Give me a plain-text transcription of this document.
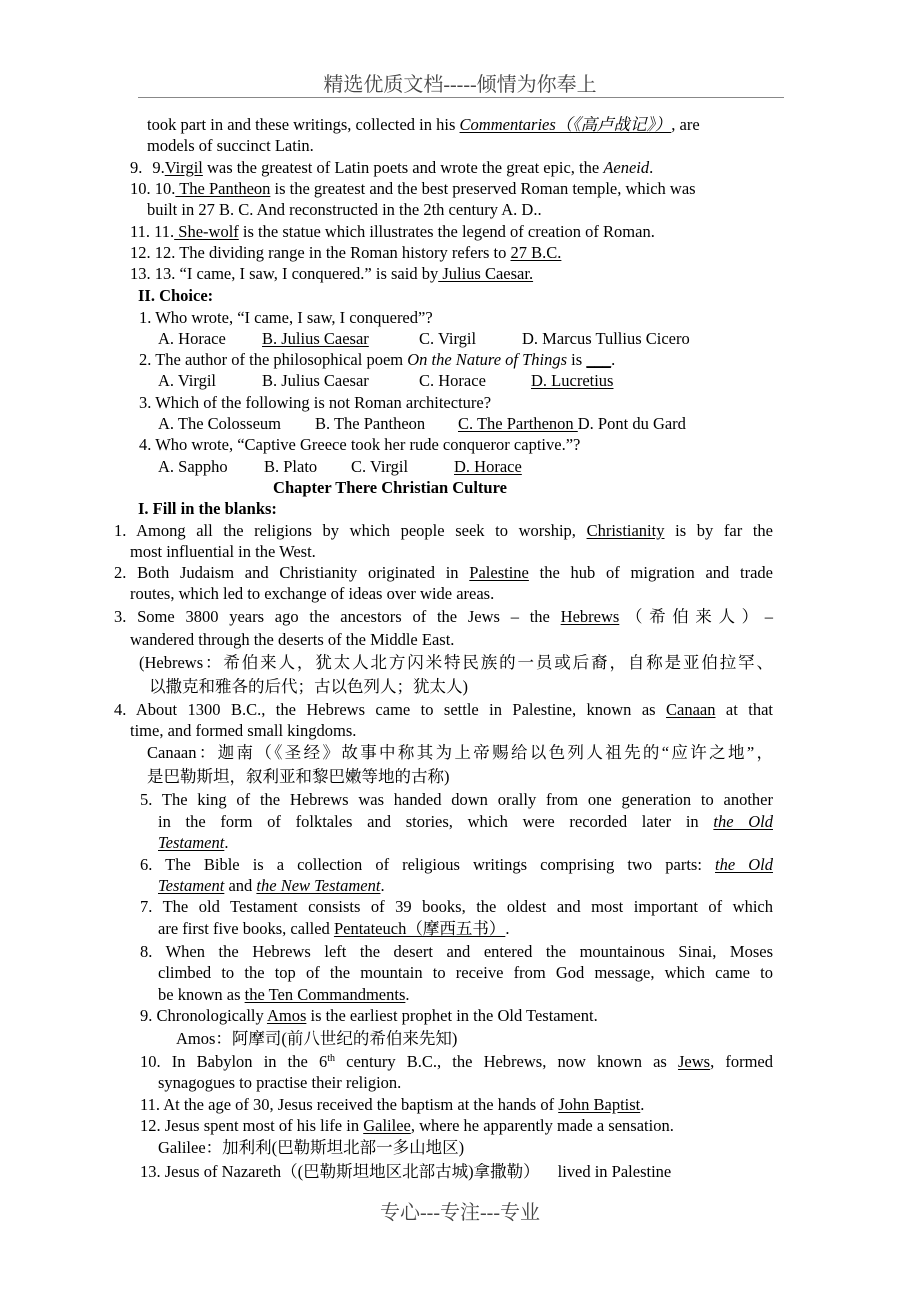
精选优质文档-----倾情为你奉上
took part in and these writings, collected in his Commentaries（《高卢战记》）, are
models of succinct Latin.
9. 9.Virgil was the greatest of Latin poets and wrote the great epic, the Aeneid.
10. 10. The Pantheon is the greatest and the best preserved Roman temple, which was
built in 27 B. C. And reconstructed in the 2th century A. D..
11. 11. She-wolf is the statue which illustrates the legend of creation of Roman.
12. 12. The dividing range in the Roman history refers to 27 B.C.
13. 13. “I came, I saw, I conquered.” is said by Julius Caesar.
II. Choice:
1. Who wrote, “I came, I saw, I conquered”?
A. Horace B. Julius Caesar	C. Virgil	D. Marcus Tullius Cicero
2. The author of the philosophical poem On the Nature of Things is ___.
A. Virgil	B. Julius Caesar	C. Horace	D. Lucretius
3. Which of the following is not Roman architecture?
A. The Colosseum B. The Pantheon C. The Parthenon D. Pont du Gard
4. Who wrote, “Captive Greece took her rude conqueror captive.”?
A. Sappho B. Plato C. Virgil	D. Horace
Chapter There Christian Culture
I. Fill in the blanks:
1. Among all the religions by which people seek to worship, Christianity is by far the
most influential in the West.
2. Both Judaism and Christianity originated in Palestine the hub of migration and trade
routes, which led to exchange of ideas over wide areas.
3. Some 3800 years ago the ancestors of the Jews – the Hebrews（希伯来人）–
wandered through the deserts of the Middle East.
(Hebrews：希伯来人，犹太人北方闪米特民族的一员或后裔，自称是亚伯拉罕、
以撒克和雅各的后代；古以色列人；犹太人)
4. About 1300 B.C., the Hebrews came to settle in Palestine, known as Canaan at that
time, and formed small kingdoms.
Canaan：迦南（《圣经》故事中称其为上帝赐给以色列人祖先的“应许之地”，
是巴勒斯坦，叙利亚和黎巴嫩等地的古称)
5. The king of the Hebrews was handed down orally from one generation to another
in the form of folktales and stories, which were recorded later in the Old
Testament.
6. The Bible is a collection of religious writings comprising two parts: the Old
Testament and the New Testament.
7. The old Testament consists of 39 books, the oldest and most important of which
are first five books, called Pentateuch（摩西五书）.
8. When the Hebrews left the desert and entered the mountainous Sinai, Moses
climbed to the top of the mountain to receive from God message, which came to
be known as the Ten Commandments.
9. Chronologically Amos is the earliest prophet in the Old Testament.
Amos：阿摩司(前八世纪的希伯来先知)
10. In Babylon in the 6th century B.C., the Hebrews, now known as Jews, formed
synagogues to practise their religion.
11. At the age of 30, Jesus received the baptism at the hands of John Baptist.
12. Jesus spent most of his life in Galilee, where he apparently made a sensation.
Galilee：加利利(巴勒斯坦北部一多山地区)
13. Jesus of Nazareth（(巴勒斯坦地区北部古城)拿撒勒） lived in Palestine
专心---专注---专业
